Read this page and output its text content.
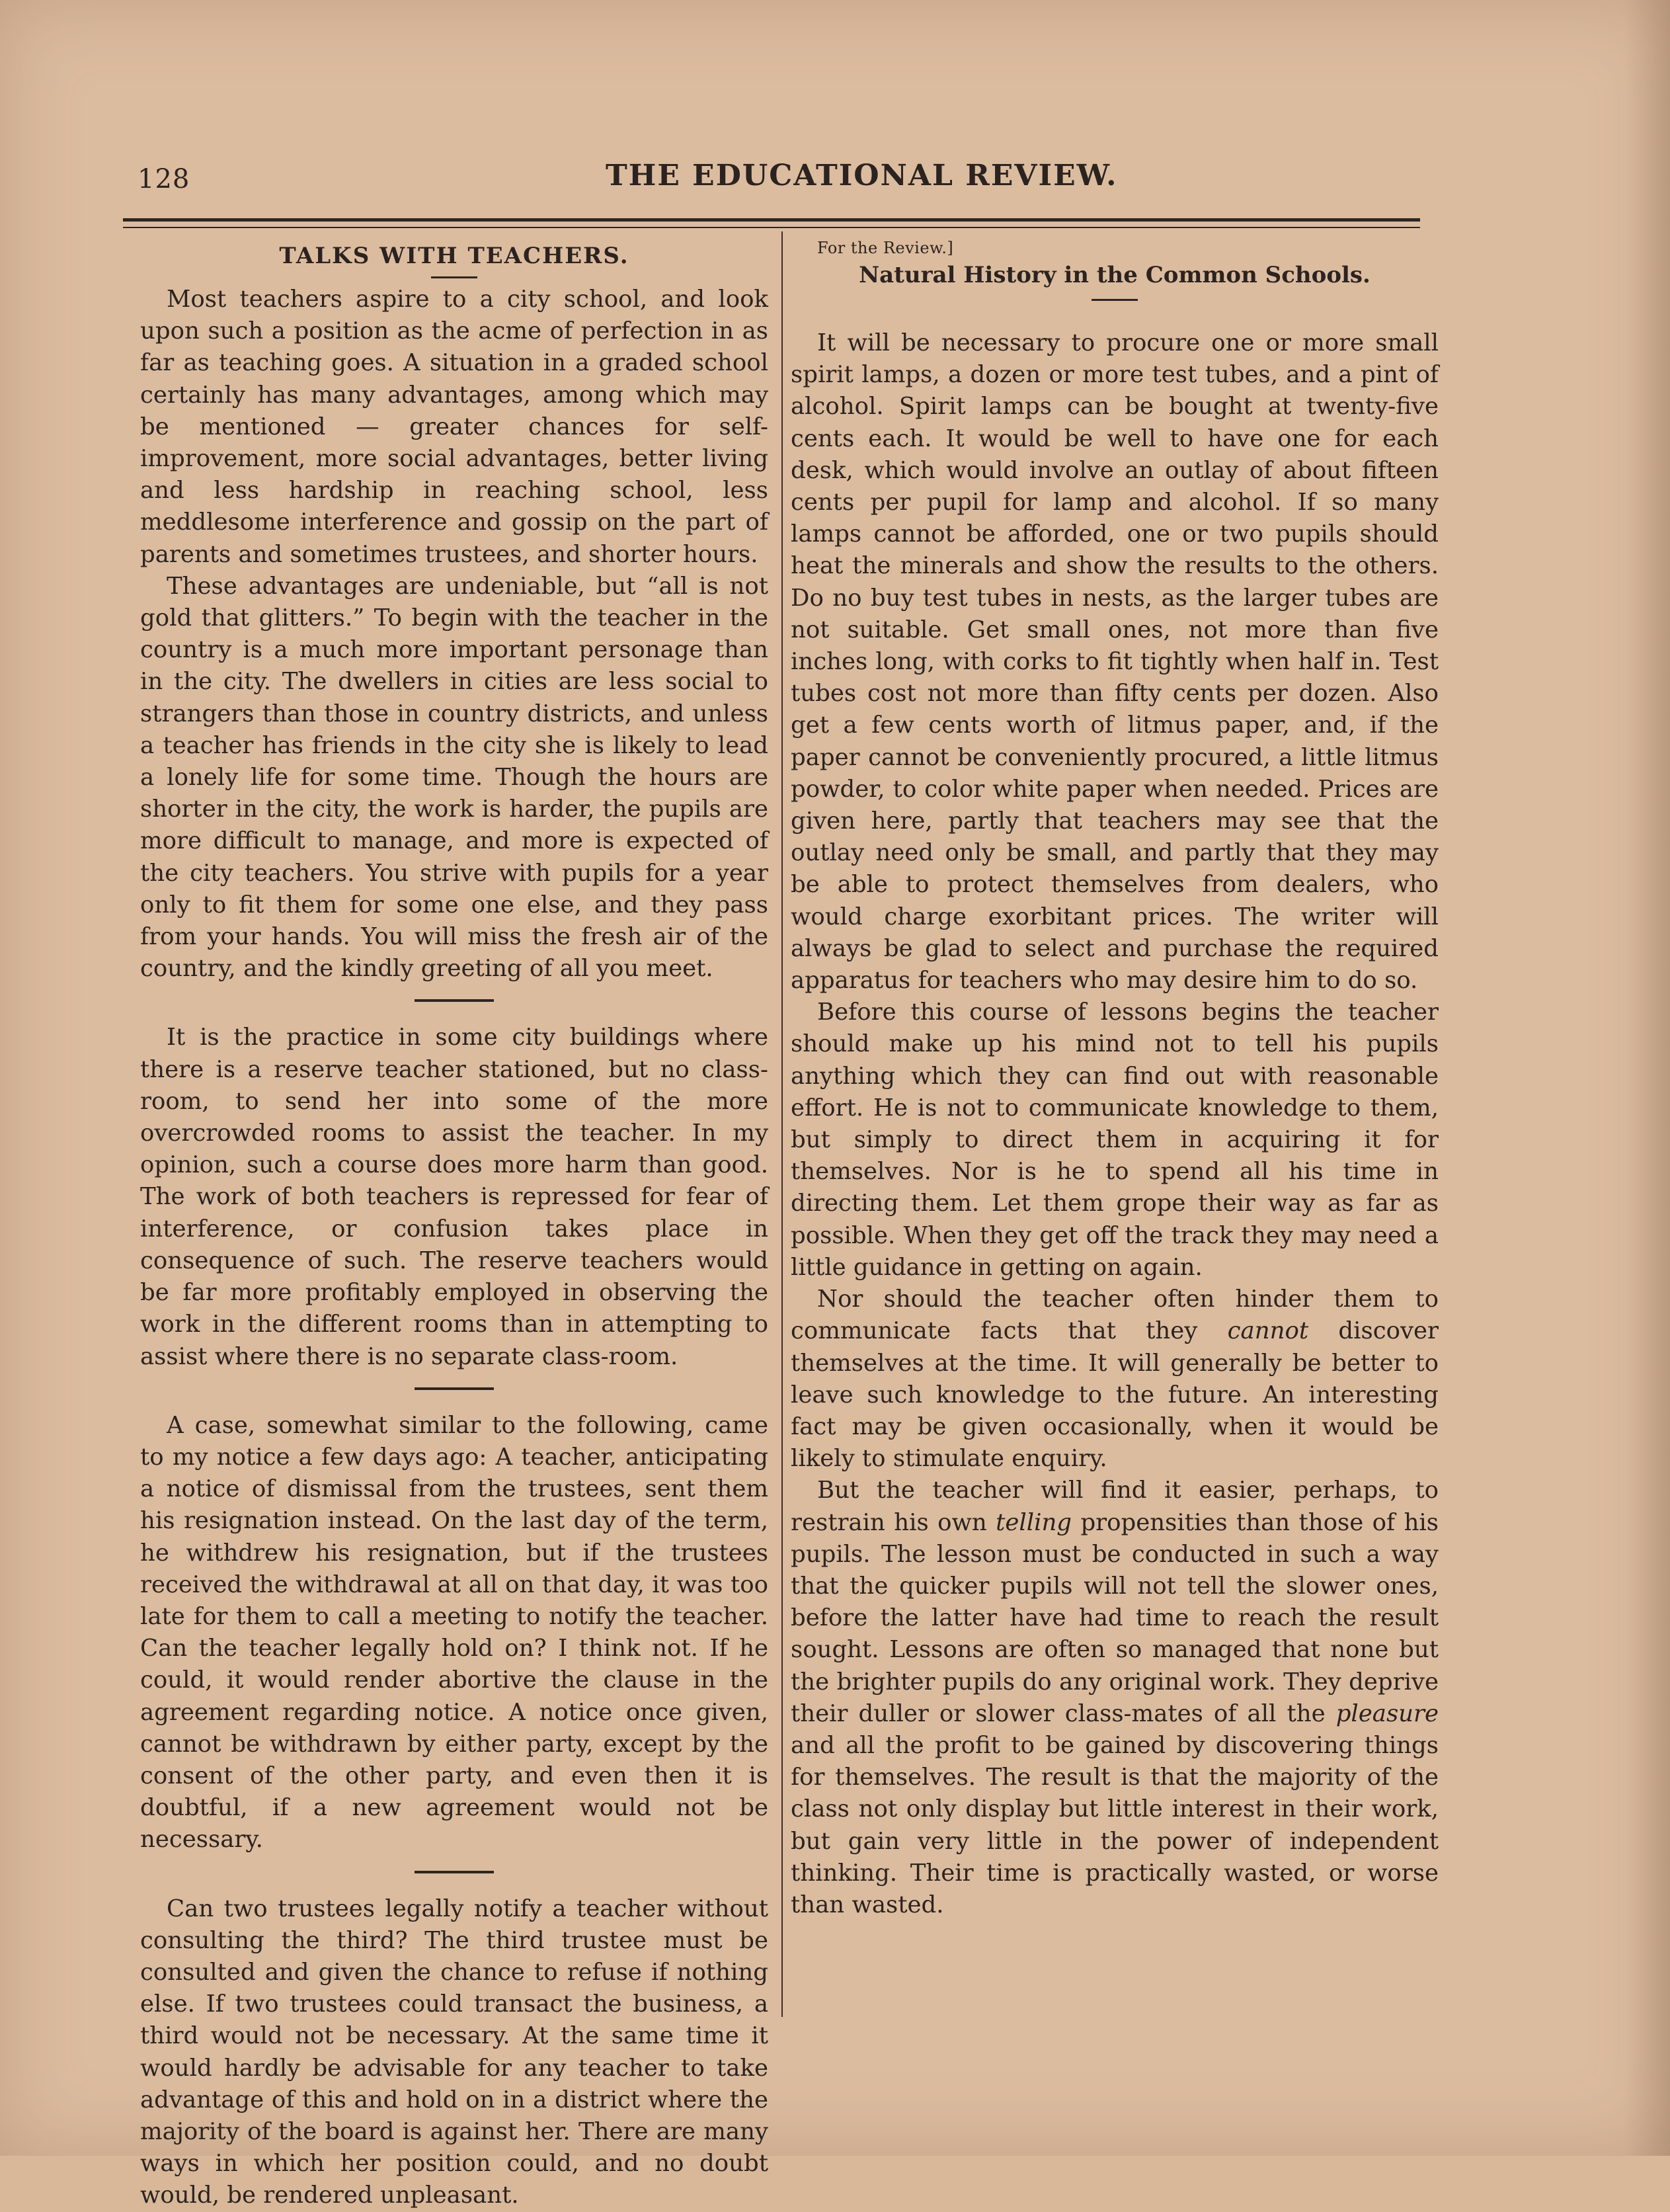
128	THE EDUCATIONAL REVIEW.
TALKS WITH TEACHERS.

Most teachers aspire to a city school, and look upon such a position as the acme of perfection in as far as teaching goes. A situation in a graded school certainly has many advantages, among which may be mentioned — greater chances for self-improvement, more social advantages, better living and less hardship in reaching school, less meddlesome interference and gossip on the part of parents and sometimes trustees, and shorter hours.

These advantages are undeniable, but “all is not gold that glitters.” To begin with the teacher in the country is a much more important personage than in the city. The dwellers in cities are less social to strangers than those in country districts, and unless a teacher has friends in the city she is likely to lead a lonely life for some time. Though the hours are shorter in the city, the work is harder, the pupils are more difficult to manage, and more is expected of the city teachers. You strive with pupils for a year only to fit them for some one else, and they pass from your hands. You will miss the fresh air of the country, and the kindly greeting of all you meet.

It is the practice in some city buildings where there is a reserve teacher stationed, but no class-room, to send her into some of the more overcrowded rooms to assist the teacher. In my opinion, such a course does more harm than good. The work of both teachers is repressed for fear of interference, or confusion takes place in consequence of such. The reserve teachers would be far more profitably employed in observing the work in the different rooms than in attempting to assist where there is no separate class-room.

A case, somewhat similar to the following, came to my notice a few days ago: A teacher, anticipating a notice of dismissal from the trustees, sent them his resignation instead. On the last day of the term, he withdrew his resignation, but if the trustees received the withdrawal at all on that day, it was too late for them to call a meeting to notify the teacher. Can the teacher legally hold on? I think not. If he could, it would render abortive the clause in the agreement regarding notice. A notice once given, cannot be withdrawn by either party, except by the consent of the other party, and even then it is doubtful, if a new agreement would not be necessary.

Can two trustees legally notify a teacher without consulting the third? The third trustee must be consulted and given the chance to refuse if nothing else. If two trustees could transact the business, a third would not be necessary. At the same time it would hardly be advisable for any teacher to take advantage of this and hold on in a district where the majority of the board is against her. There are many ways in which her position could, and no doubt would, be rendered unpleasant.

For the Review.]

Natural History in the Common Schools.

It will be necessary to procure one or more small spirit lamps, a dozen or more test tubes, and a pint of alcohol. Spirit lamps can be bought at twenty-five cents each. It would be well to have one for each desk, which would involve an outlay of about fifteen cents per pupil for lamp and alcohol. If so many lamps cannot be afforded, one or two pupils should heat the minerals and show the results to the others. Do no buy test tubes in nests, as the larger tubes are not suitable. Get small ones, not more than five inches long, with corks to fit tightly when half in. Test tubes cost not more than fifty cents per dozen. Also get a few cents worth of litmus paper, and, if the paper cannot be conveniently procured, a little litmus powder, to color white paper when needed. Prices are given here, partly that teachers may see that the outlay need only be small, and partly that they may be able to protect themselves from dealers, who would charge exorbitant prices. The writer will always be glad to select and purchase the required apparatus for teachers who may desire him to do so.

Before this course of lessons begins the teacher should make up his mind not to tell his pupils anything which they can find out with reasonable effort. He is not to communicate knowledge to them, but simply to direct them in acquiring it for themselves. Nor is he to spend all his time in directing them. Let them grope their way as far as possible. When they get off the track they may need a little guidance in getting on again.

Nor should the teacher often hinder them to communicate facts that they cannot discover themselves at the time. It will generally be better to leave such knowledge to the future. An interesting fact may be given occasionally, when it would be likely to stimulate enquiry.

But the teacher will find it easier, perhaps, to restrain his own telling propensities than those of his pupils. The lesson must be conducted in such a way that the quicker pupils will not tell the slower ones, before the latter have had time to reach the result sought. Lessons are often so managed that none but the brighter pupils do any original work. They deprive their duller or slower class-mates of all the pleasure and all the profit to be gained by discovering things for themselves. The result is that the majority of the class not only display but little interest in their work, but gain very little in the power of independent thinking. Their time is practically wasted, or worse than wasted.
